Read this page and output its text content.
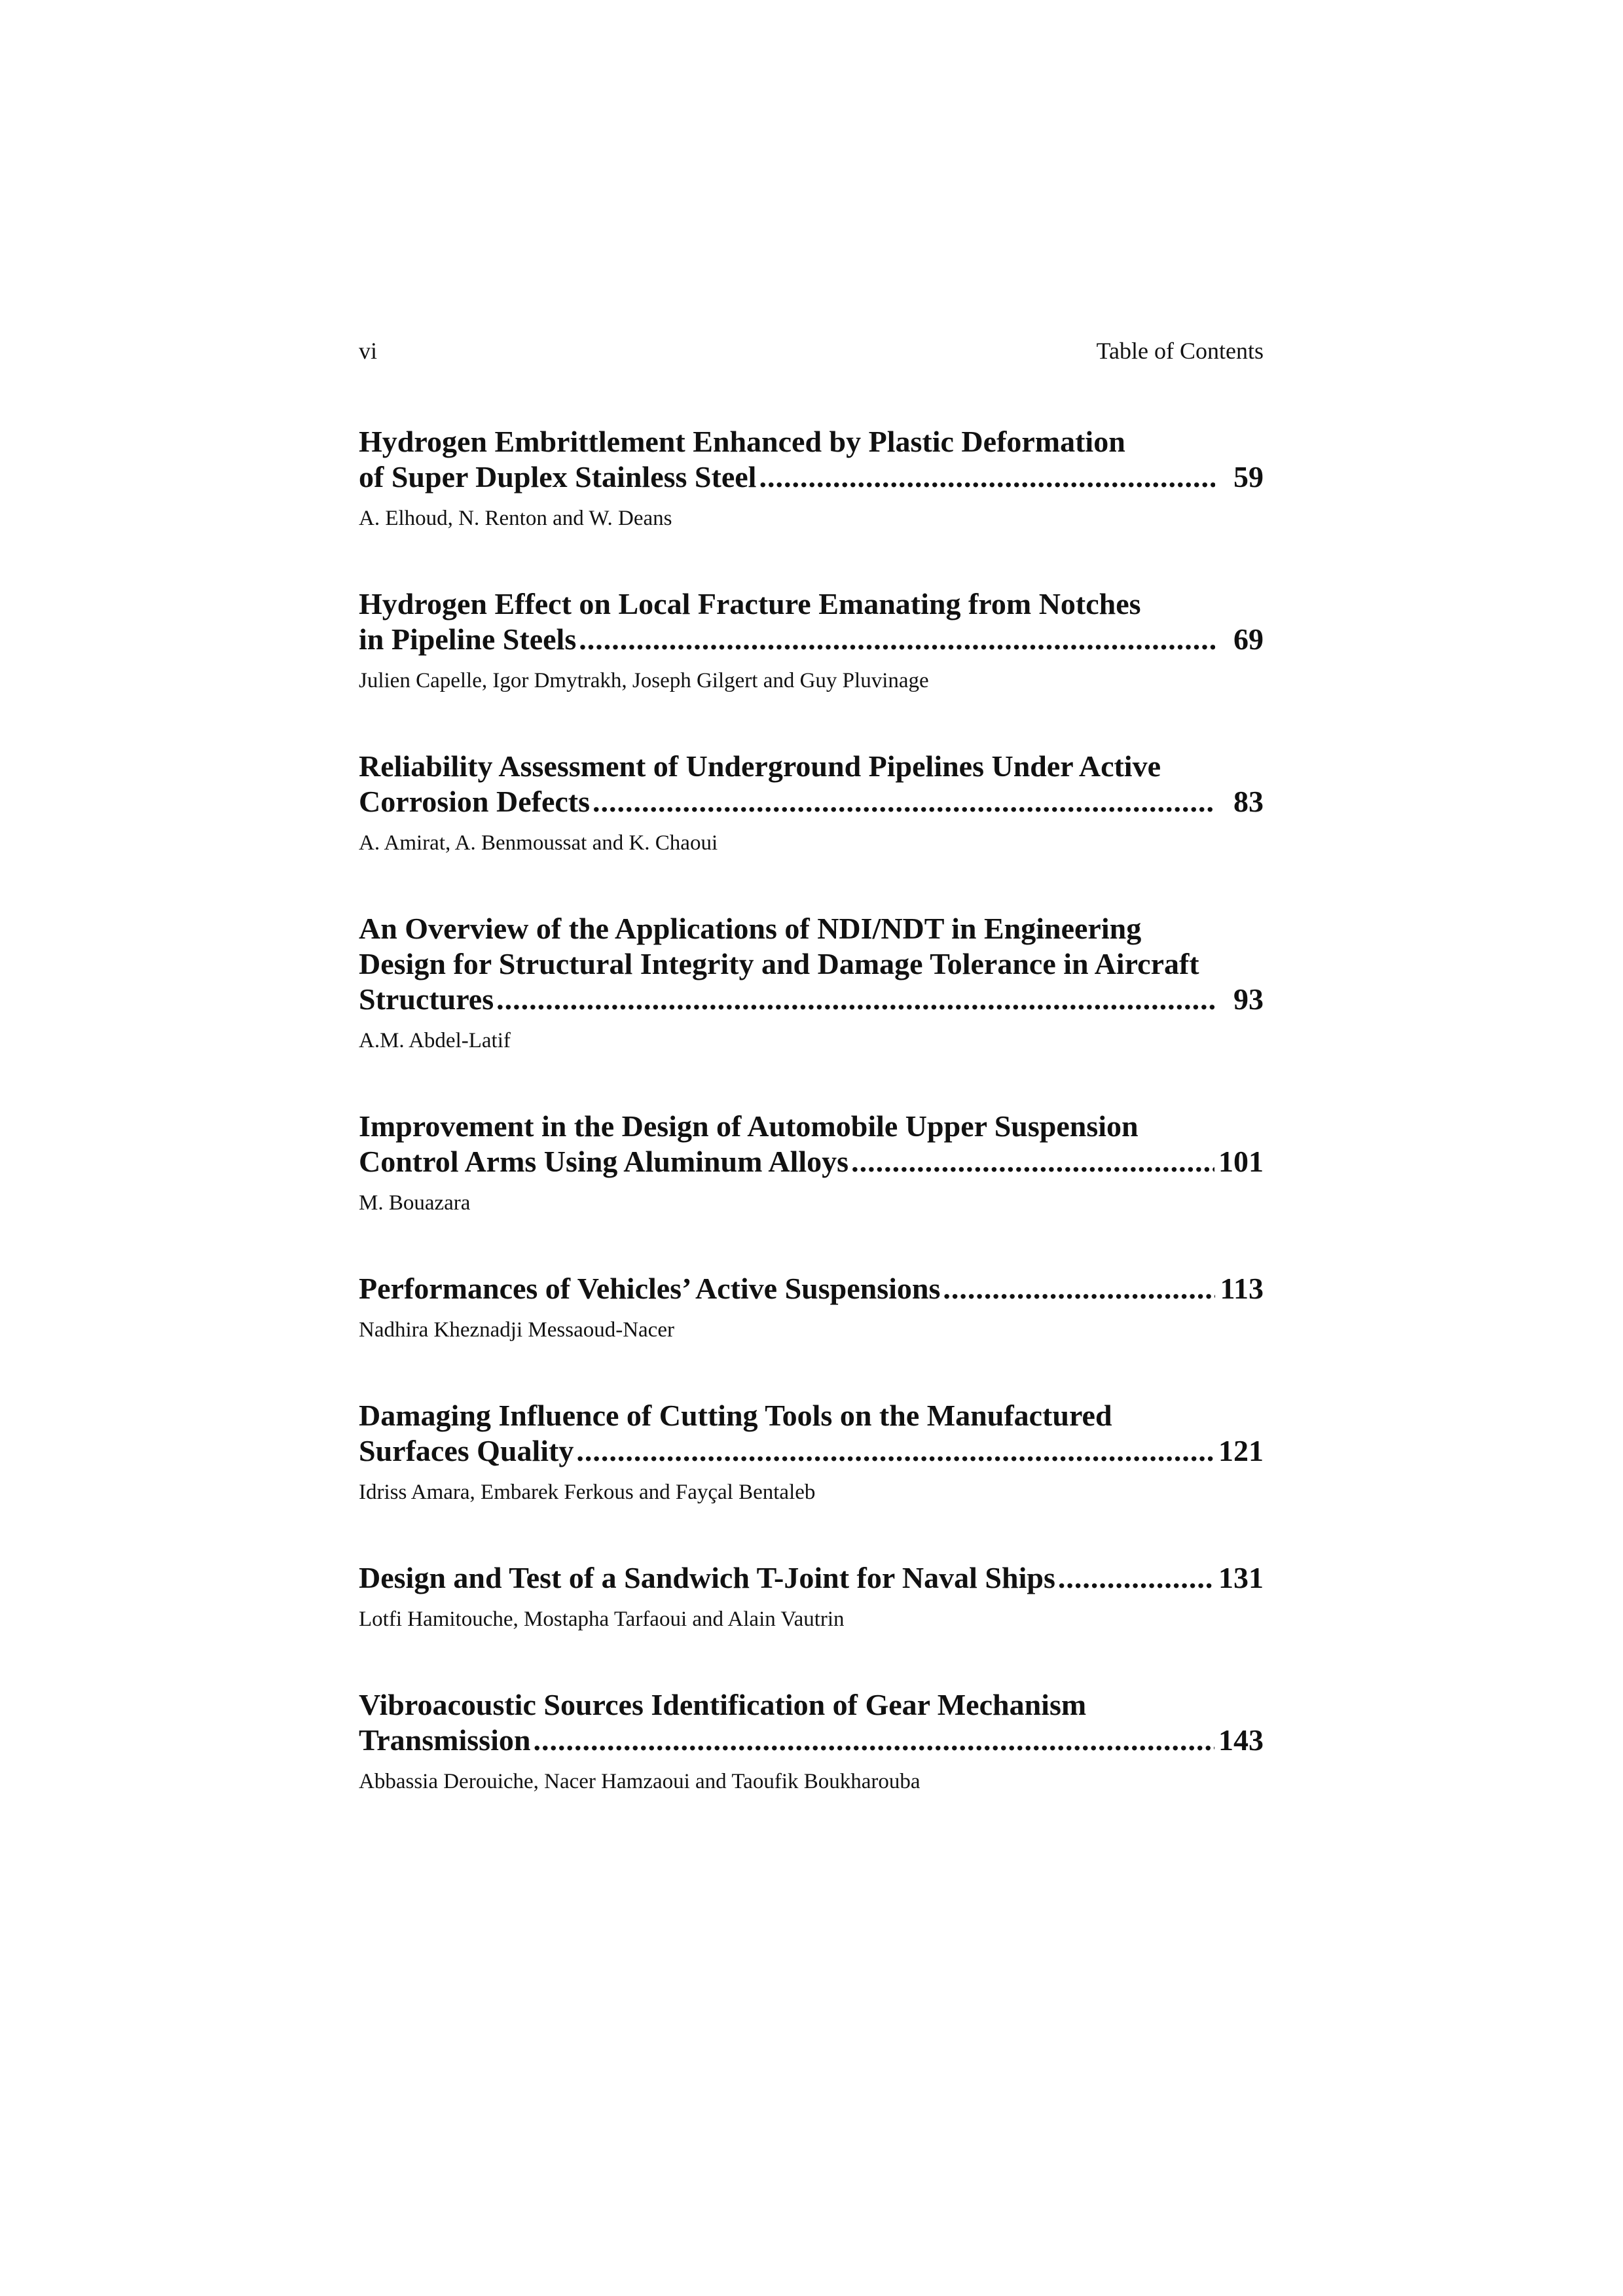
vi	Table of Contents
Hydrogen Embrittlement Enhanced by Plastic Deformation
of Super Duplex Stainless Steel .....	59
A. Elhoud, N. Renton and W. Deans
Hydrogen Effect on Local Fracture Emanating from Notches
in Pipeline Steels .....	69
Julien Capelle, Igor Dmytrakh, Joseph Gilgert and Guy Pluvinage
Reliability Assessment of Underground Pipelines Under Active
Corrosion Defects .....	83
A. Amirat, A. Benmoussat and K. Chaoui
An Overview of the Applications of NDI/NDT in Engineering
Design for Structural Integrity and Damage Tolerance in Aircraft
Structures .....	93
A.M. Abdel-Latif
Improvement in the Design of Automobile Upper Suspension
Control Arms Using Aluminum Alloys .....	101
M. Bouazara
Performances of Vehicles’ Active Suspensions .....	113
Nadhira Kheznadji Messaoud-Nacer
Damaging Influence of Cutting Tools on the Manufactured
Surfaces Quality .....	121
Idriss Amara, Embarek Ferkous and Fayçal Bentaleb
Design and Test of a Sandwich T-Joint for Naval Ships .....	131
Lotfi Hamitouche, Mostapha Tarfaoui and Alain Vautrin
Vibroacoustic Sources Identification of Gear Mechanism
Transmission .....	143
Abbassia Derouiche, Nacer Hamzaoui and Taoufik Boukharouba
